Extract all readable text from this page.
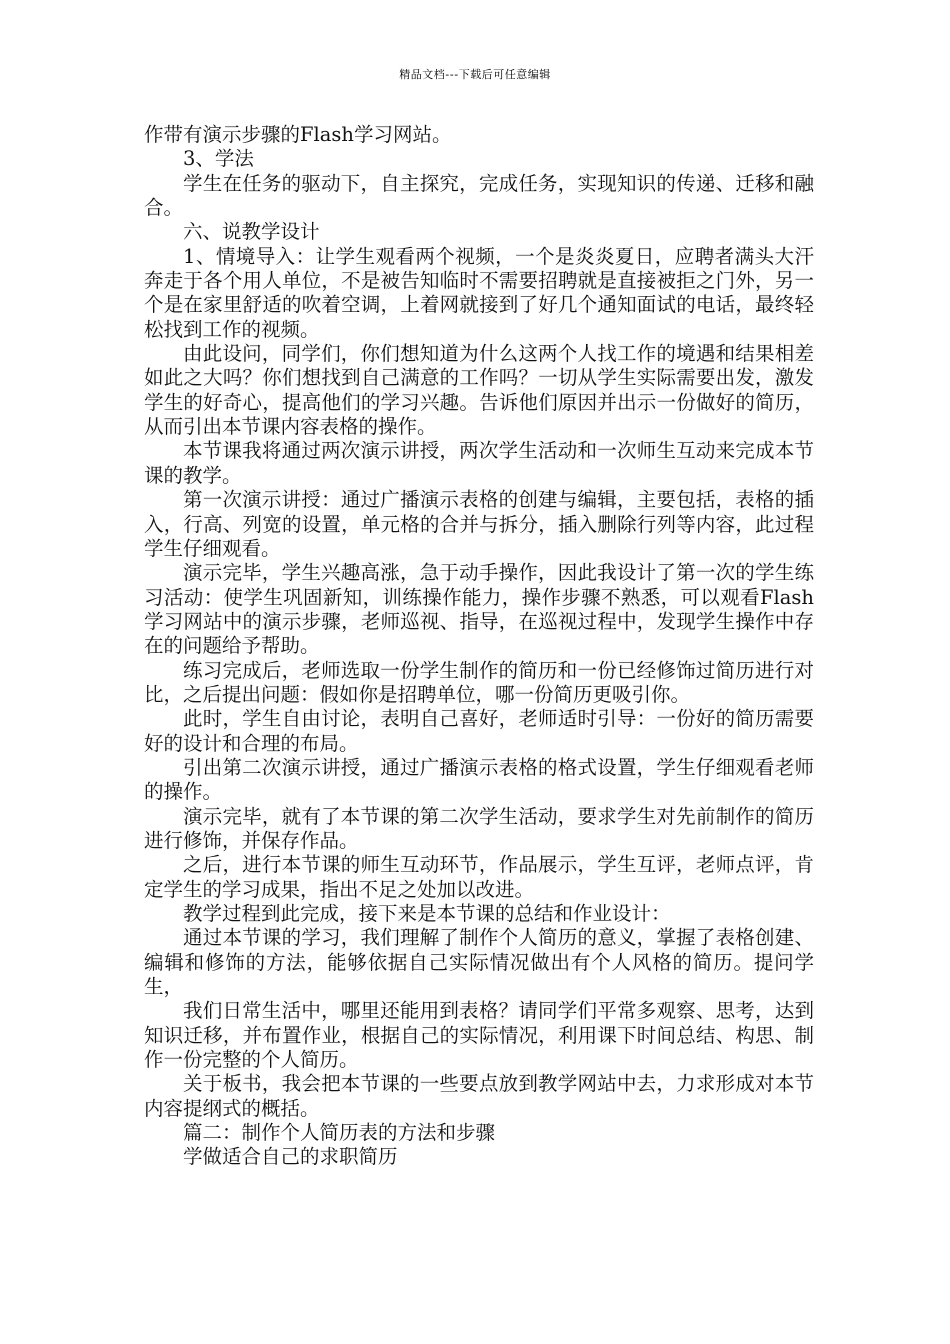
精品文档---下载后可任意编辑

作带有演示步骤的Flash学习网站。

3、学法

学生在任务的驱动下，自主探究，完成任务，实现知识的传递、迁移和融合。

六、说教学设计

1、情境导入：让学生观看两个视频，一个是炎炎夏日，应聘者满头大汗奔走于各个用人单位，不是被告知临时不需要招聘就是直接被拒之门外，另一个是在家里舒适的吹着空调，上着网就接到了好几个通知面试的电话，最终轻松找到工作的视频。

由此设问，同学们，你们想知道为什么这两个人找工作的境遇和结果相差如此之大吗？你们想找到自己满意的工作吗？一切从学生实际需要出发，激发学生的好奇心，提高他们的学习兴趣。告诉他们原因并出示一份做好的简历，从而引出本节课内容表格的操作。

本节课我将通过两次演示讲授，两次学生活动和一次师生互动来完成本节课的教学。

第一次演示讲授：通过广播演示表格的创建与编辑，主要包括，表格的插入，行高、列宽的设置，单元格的合并与拆分，插入删除行列等内容，此过程学生仔细观看。

演示完毕，学生兴趣高涨，急于动手操作，因此我设计了第一次的学生练习活动：使学生巩固新知，训练操作能力，操作步骤不熟悉，可以观看Flash学习网站中的演示步骤，老师巡视、指导，在巡视过程中，发现学生操作中存在的问题给予帮助。

练习完成后，老师选取一份学生制作的简历和一份已经修饰过简历进行对比，之后提出问题：假如你是招聘单位，哪一份简历更吸引你。

此时，学生自由讨论，表明自己喜好，老师适时引导：一份好的简历需要好的设计和合理的布局。

引出第二次演示讲授，通过广播演示表格的格式设置，学生仔细观看老师的操作。

演示完毕，就有了本节课的第二次学生活动，要求学生对先前制作的简历进行修饰，并保存作品。

之后，进行本节课的师生互动环节，作品展示，学生互评，老师点评，肯定学生的学习成果，指出不足之处加以改进。

教学过程到此完成，接下来是本节课的总结和作业设计：

通过本节课的学习，我们理解了制作个人简历的意义，掌握了表格创建、编辑和修饰的方法，能够依据自己实际情况做出有个人风格的简历。提问学生，

我们日常生活中，哪里还能用到表格？请同学们平常多观察、思考，达到知识迁移，并布置作业，根据自己的实际情况，利用课下时间总结、构思、制作一份完整的个人简历。

关于板书，我会把本节课的一些要点放到教学网站中去，力求形成对本节内容提纲式的概括。

篇二：制作个人简历表的方法和步骤

学做适合自己的求职简历
